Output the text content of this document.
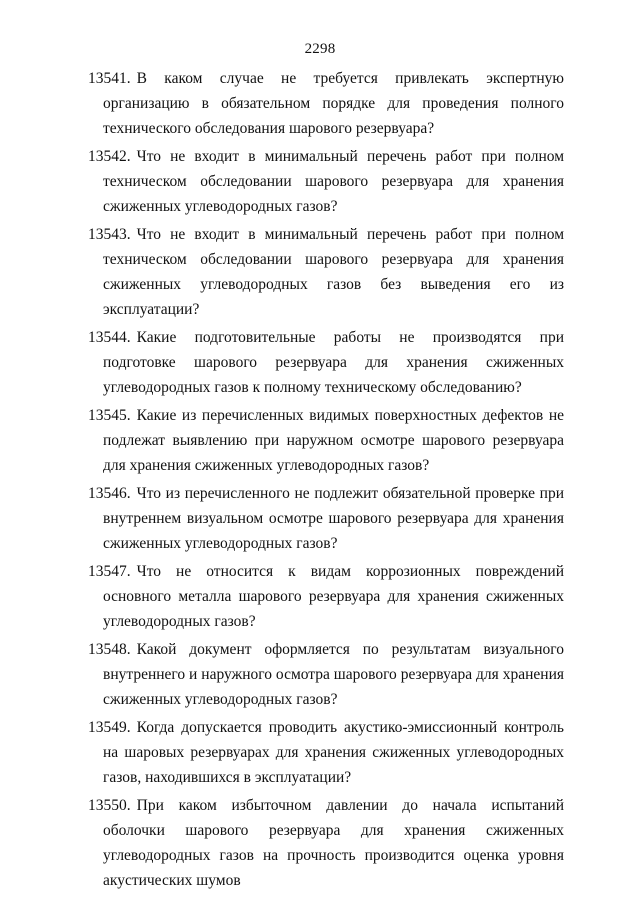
2298

13541. В каком случае не требуется привлекать экспертную организацию в обязательном порядке для проведения полного технического обследования шарового резервуара?

13542. Что не входит в минимальный перечень работ при полном техническом обследовании шарового резервуара для хранения сжиженных углеводородных газов?

13543. Что не входит в минимальный перечень работ при полном техническом обследовании шарового резервуара для хранения сжиженных углеводородных газов без выведения его из эксплуатации?

13544. Какие подготовительные работы не производятся при подготовке шарового резервуара для хранения сжиженных углеводородных газов к полному техническому обследованию?

13545. Какие из перечисленных видимых поверхностных дефектов не подлежат выявлению при наружном осмотре шарового резервуара для хранения сжиженных углеводородных газов?

13546. Что из перечисленного не подлежит обязательной проверке при внутреннем визуальном осмотре шарового резервуара для хранения сжиженных углеводородных газов?

13547. Что не относится к видам коррозионных повреждений основного металла шарового резервуара для хранения сжиженных углеводородных газов?

13548. Какой документ оформляется по результатам визуального внутреннего и наружного осмотра шарового резервуара для хранения сжиженных углеводородных газов?

13549. Когда допускается проводить акустико-эмиссионный контроль на шаровых резервуарах для хранения сжиженных углеводородных газов, находившихся в эксплуатации?

13550. При каком избыточном давлении до начала испытаний оболочки шарового резервуара для хранения сжиженных углеводородных газов на прочность производится оценка уровня акустических шумов
